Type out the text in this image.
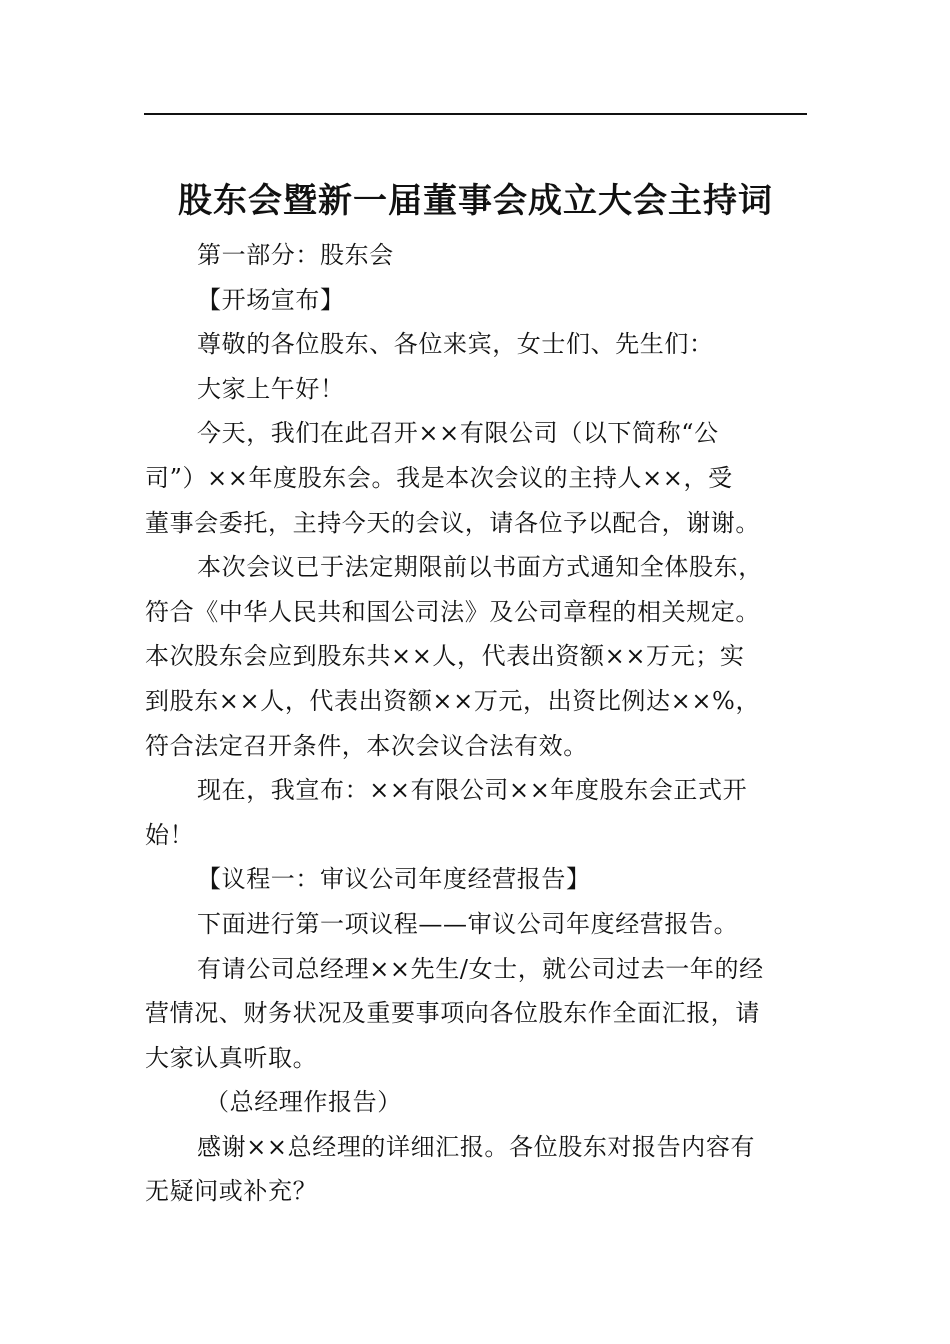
股东会暨新一届董事会成立大会主持词
第一部分：股东会
【开场宣布】
尊敬的各位股东、各位来宾，女士们、先生们：
大家上午好！
今天，我们在此召开××有限公司（以下简称“公
司”）××年度股东会。我是本次会议的主持人××，受
董事会委托，主持今天的会议，请各位予以配合，谢谢。
本次会议已于法定期限前以书面方式通知全体股东，
符合《中华人民共和国公司法》及公司章程的相关规定。
本次股东会应到股东共××人，代表出资额××万元；实
到股东××人，代表出资额××万元，出资比例达××%，
符合法定召开条件，本次会议合法有效。
现在，我宣布：××有限公司××年度股东会正式开
始！
【议程一：审议公司年度经营报告】
下面进行第一项议程——审议公司年度经营报告。
有请公司总经理××先生/女士，就公司过去一年的经
营情况、财务状况及重要事项向各位股东作全面汇报，请
大家认真听取。
（总经理作报告）
感谢××总经理的详细汇报。各位股东对报告内容有
无疑问或补充？
